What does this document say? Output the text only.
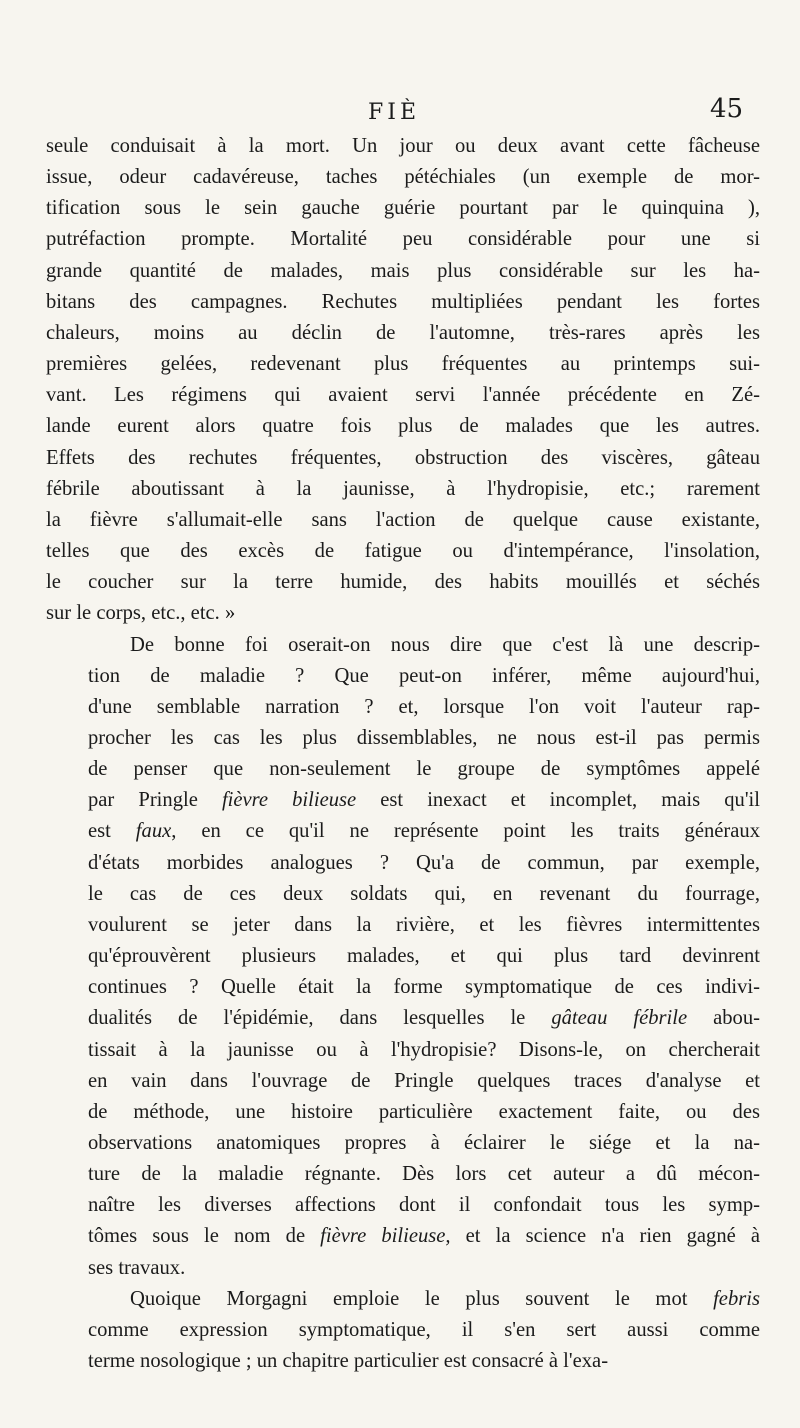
FIÈ	45
seule conduisait à la mort. Un jour ou deux avant cette fâcheuse
issue, odeur cadavéreuse, taches pétéchiales (un exemple de mor-
tification sous le sein gauche guérie pourtant par le quinquina ),
putréfaction prompte. Mortalité peu considérable pour une si
grande quantité de malades, mais plus considérable sur les ha-
bitans des campagnes. Rechutes multipliées pendant les fortes
chaleurs, moins au déclin de l'automne, très-rares après les
premières gelées, redevenant plus fréquentes au printemps sui-
vant. Les régimens qui avaient servi l'année précédente en Zé-
lande eurent alors quatre fois plus de malades que les autres.
Effets des rechutes fréquentes, obstruction des viscères, gâteau
fébrile aboutissant à la jaunisse, à l'hydropisie, etc.; rarement
la fièvre s'allumait-elle sans l'action de quelque cause existante,
telles que des excès de fatigue ou d'intempérance, l'insolation,
le coucher sur la terre humide, des habits mouillés et séchés
sur le corps, etc., etc. »
De bonne foi oserait-on nous dire que c'est là une descrip-
tion de maladie ? Que peut-on inférer, même aujourd'hui,
d'une semblable narration ? et, lorsque l'on voit l'auteur rap-
procher les cas les plus dissemblables, ne nous est-il pas permis
de penser que non-seulement le groupe de symptômes appelé
par Pringle fièvre bilieuse est inexact et incomplet, mais qu'il
est faux, en ce qu'il ne représente point les traits généraux
d'états morbides analogues ? Qu'a de commun, par exemple,
le cas de ces deux soldats qui, en revenant du fourrage,
voulurent se jeter dans la rivière, et les fièvres intermittentes
qu'éprouvèrent plusieurs malades, et qui plus tard devinrent
continues ? Quelle était la forme symptomatique de ces indivi-
dualités de l'épidémie, dans lesquelles le gâteau fébrile abou-
tissait à la jaunisse ou à l'hydropisie? Disons-le, on chercherait
en vain dans l'ouvrage de Pringle quelques traces d'analyse et
de méthode, une histoire particulière exactement faite, ou des
observations anatomiques propres à éclairer le siége et la na-
ture de la maladie régnante. Dès lors cet auteur a dû mécon-
naître les diverses affections dont il confondait tous les symp-
tômes sous le nom de fièvre bilieuse, et la science n'a rien gagné à
ses travaux.
Quoique Morgagni emploie le plus souvent le mot febris
comme expression symptomatique, il s'en sert aussi comme
terme nosologique ; un chapitre particulier est consacré à l'exa-
